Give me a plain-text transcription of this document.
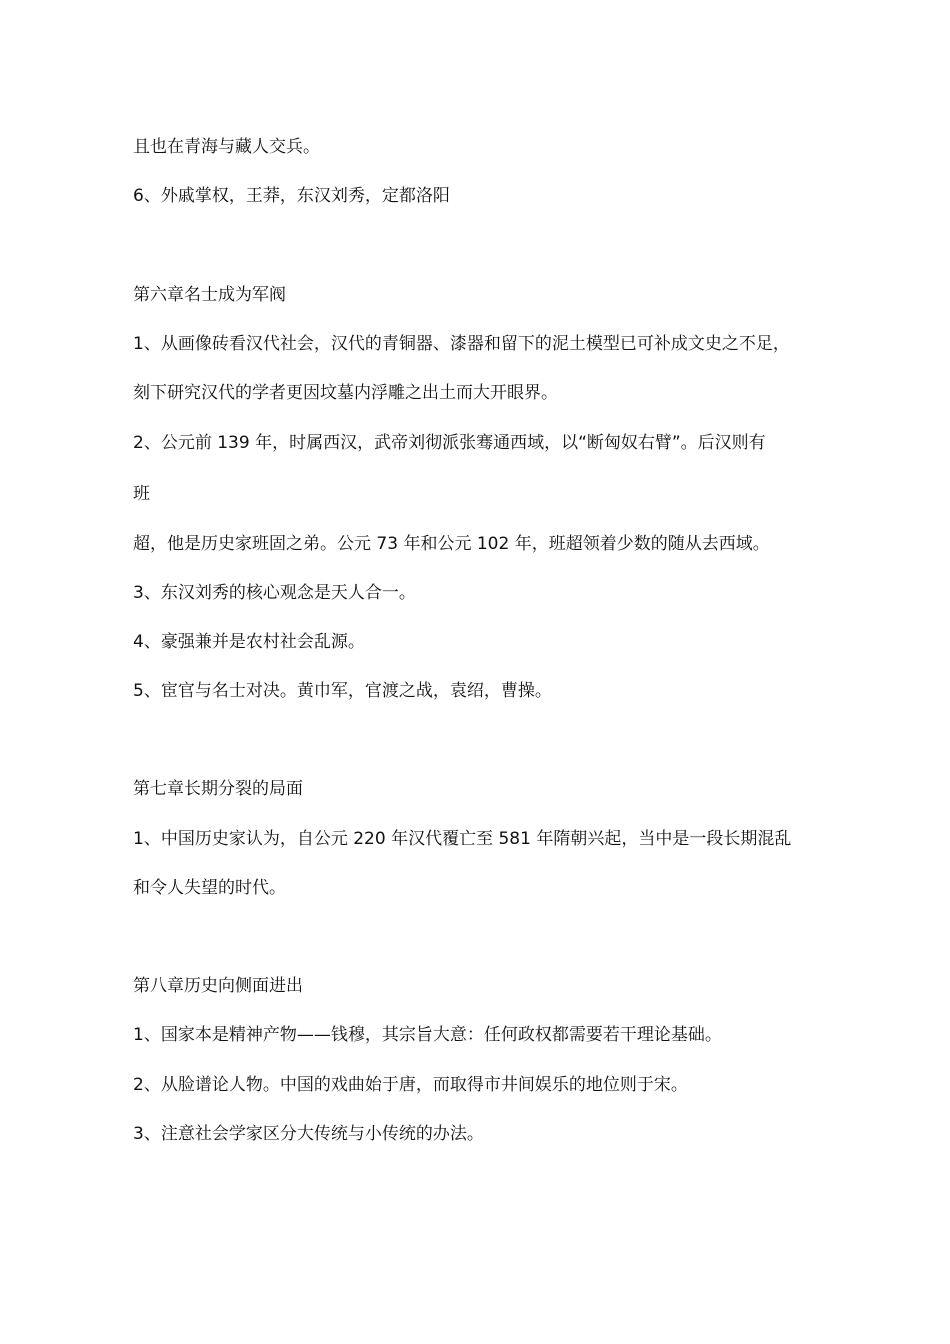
且也在青海与藏人交兵。
6、外戚掌权，王莽，东汉刘秀，定都洛阳
第六章名士成为军阀
1、从画像砖看汉代社会，汉代的青铜器、漆器和留下的泥土模型已可补成文史之不足，
刻下研究汉代的学者更因坟墓内浮雕之出土而大开眼界。
2、公元前 139 年，时属西汉，武帝刘彻派张骞通西域，以“断匈奴右臂”。后汉则有
班
超，他是历史家班固之弟。公元 73 年和公元 102 年，班超领着少数的随从去西域。
3、东汉刘秀的核心观念是天人合一。
4、豪强兼并是农村社会乱源。
5、宦官与名士对决。黄巾军，官渡之战，袁绍，曹操。
第七章长期分裂的局面
1、中国历史家认为，自公元 220 年汉代覆亡至 581 年隋朝兴起，当中是一段长期混乱
和令人失望的时代。
第八章历史向侧面进出
1、国家本是精神产物——钱穆，其宗旨大意：任何政权都需要若干理论基础。
2、从脸谱论人物。中国的戏曲始于唐，而取得市井间娱乐的地位则于宋。
3、注意社会学家区分大传统与小传统的办法。
